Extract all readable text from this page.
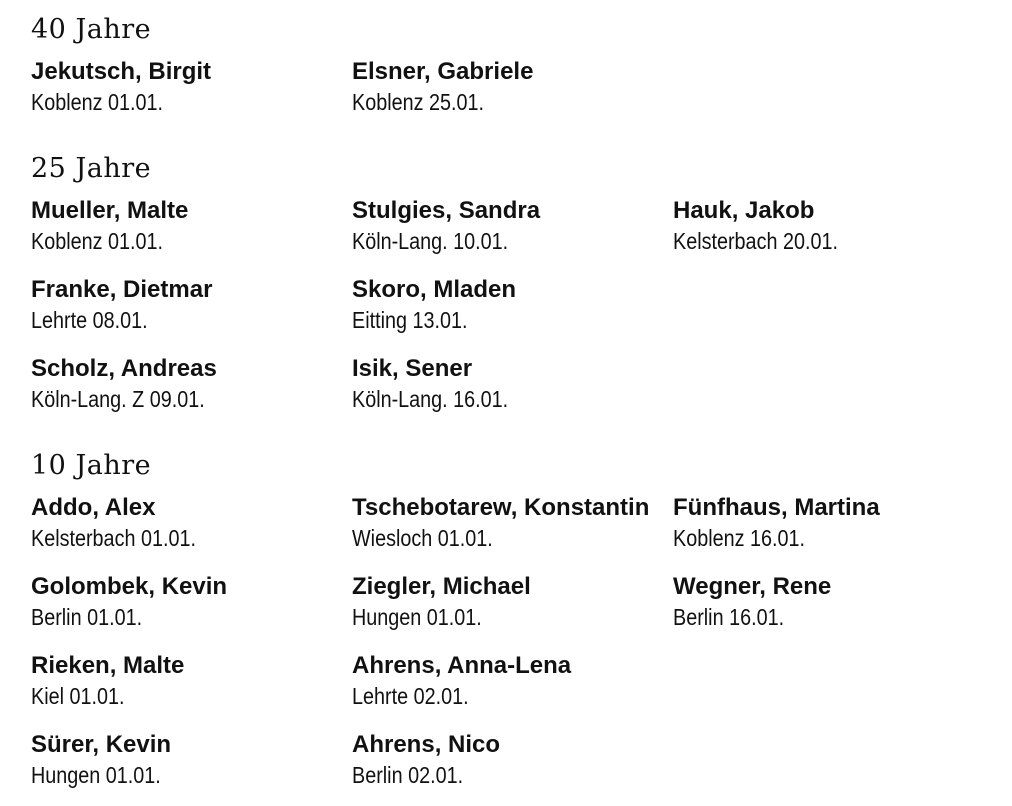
40 Jahre
Jekutsch, Birgit
Koblenz 01.01.
Elsner, Gabriele
Koblenz 25.01.
25 Jahre
Mueller, Malte
Koblenz 01.01.
Stulgies, Sandra
Köln-Lang. 10.01.
Hauk, Jakob
Kelsterbach 20.01.
Franke, Dietmar
Lehrte 08.01.
Skoro, Mladen
Eitting 13.01.
Scholz, Andreas
Köln-Lang. Z 09.01.
Isik, Sener
Köln-Lang. 16.01.
10 Jahre
Addo, Alex
Kelsterbach 01.01.
Tschebotarew, Konstantin
Wiesloch 01.01.
Fünfhaus, Martina
Koblenz 16.01.
Golombek, Kevin
Berlin 01.01.
Ziegler, Michael
Hungen 01.01.
Wegner, Rene
Berlin 16.01.
Rieken, Malte
Kiel 01.01.
Ahrens, Anna-Lena
Lehrte 02.01.
Sürer, Kevin
Hungen 01.01.
Ahrens, Nico
Berlin 02.01.
